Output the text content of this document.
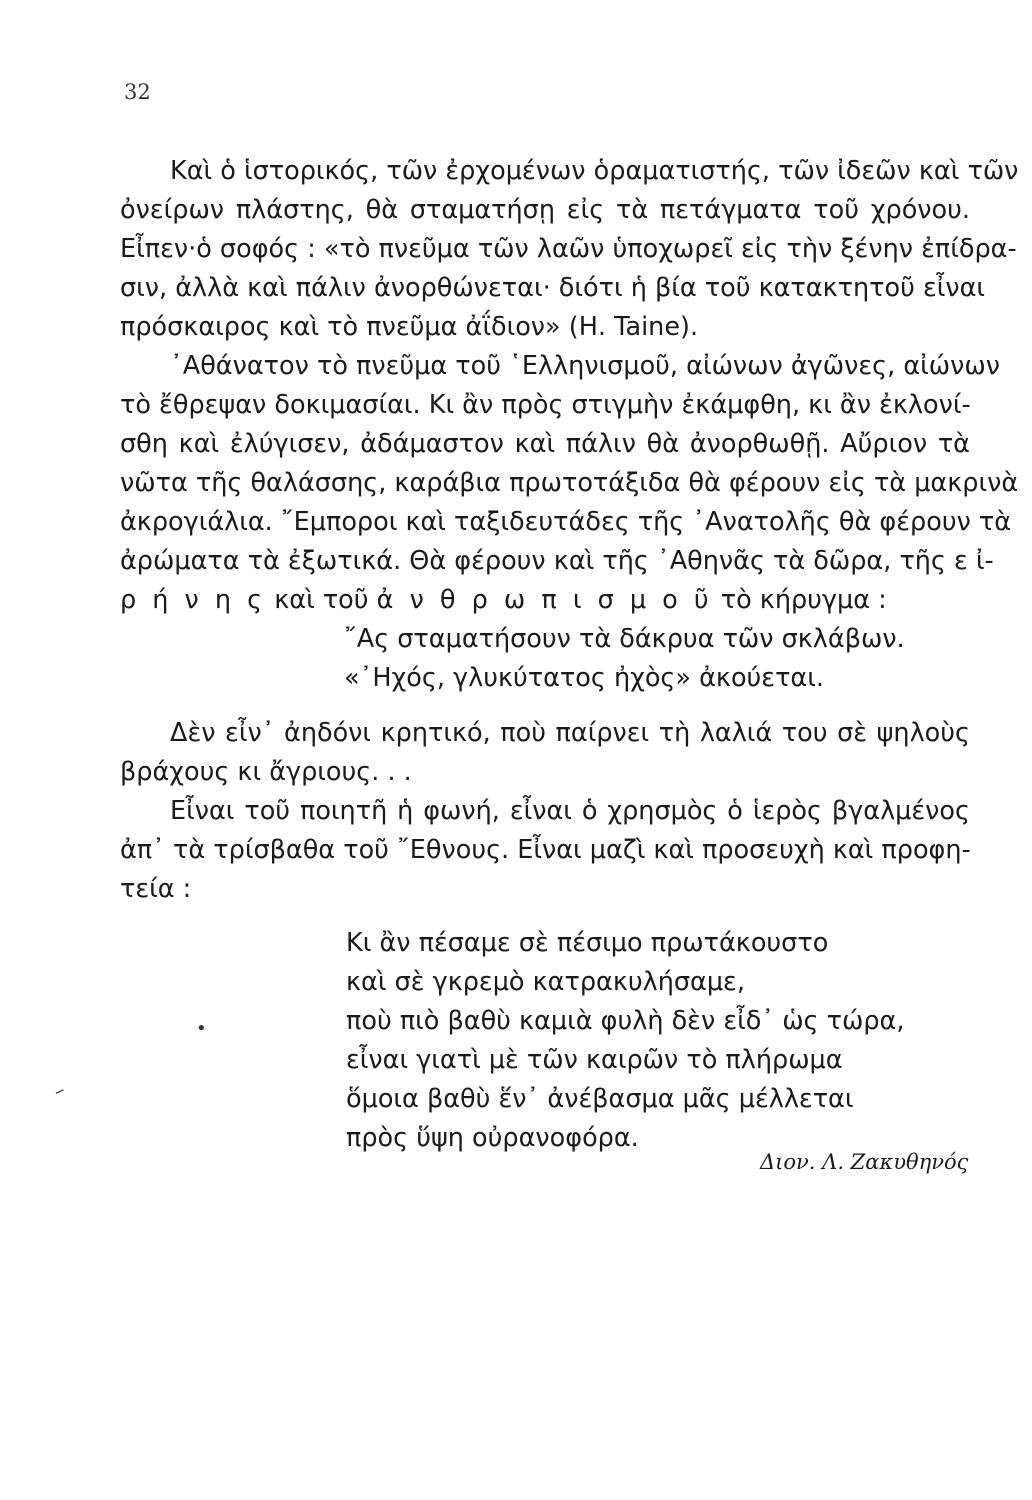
32
Καὶ ὁ ἱστορικός, τῶν ἐρχομένων ὁραματιστής, τῶν ἰδεῶν καὶ τῶν
ὀνείρων πλάστης, θὰ σταματήσῃ εἰς τὰ πετάγματα τοῦ χρόνου.
Εἶπεν·ὁ σοφός : «τὸ πνεῦμα τῶν λαῶν ὑποχωρεῖ εἰς τὴν ξένην ἐπίδρα-
σιν, ἀλλὰ καὶ πάλιν ἀνορθώνεται· διότι ἡ βία τοῦ κατακτητοῦ εἶναι
πρόσκαιρος καὶ τὸ πνεῦμα ἀΐδιον» (Η. Taine).
᾿Αθάνατον τὸ πνεῦμα τοῦ ῾Ελληνισμοῦ, αἰώνων ἀγῶνες, αἰώνων
τὸ ἔθρεψαν δοκιμασίαι. Κι ἂν πρὸς στιγμὴν ἐκάμφθη, κι ἂν ἐκλονί-
σθη καὶ ἐλύγισεν, ἀδάμαστον καὶ πάλιν θὰ ἀνορθωθῇ. Αὔριον τὰ
νῶτα τῆς θαλάσσης, καράβια πρωτοτάξιδα θὰ φέρουν εἰς τὰ μακρινὰ
ἀκρογιάλια. ῎Εμποροι καὶ ταξιδευτάδες τῆς ᾿Ανατολῆς θὰ φέρουν τὰ
ἀρώματα τὰ ἐξωτικά. Θὰ φέρουν καὶ τῆς ᾿Αθηνᾶς τὰ δῶρα, τῆς ε ἰ-
ρ ή ν η ς καὶ τοῦ ἀ ν θ ρ ω π ι σ μ ο ῦ τὸ κήρυγμα :
῎Ας σταματήσουν τὰ δάκρυα τῶν σκλάβων.
«᾿Ηχός, γλυκύτατος ἠχὸς» ἀκούεται.
Δὲν εἶν᾿ ἀηδόνι κρητικό, ποὺ παίρνει τὴ λαλιά του σὲ ψηλοὺς
βράχους κι ἄγριους. . .
Εἶναι τοῦ ποιητῆ ἡ φωνή, εἶναι ὁ χρησμὸς ὁ ἱερὸς βγαλμένος
ἀπ᾿ τὰ τρίσβαθα τοῦ ῎Εθνους. Εἶναι μαζὶ καὶ προσευχὴ καὶ προφη-
τεία :
Κι ἂν πέσαμε σὲ πέσιμο πρωτάκουστο
καὶ σὲ γκρεμὸ κατρακυλήσαμε,
ποὺ πιὸ βαθὺ καμιὰ φυλὴ δὲν εἶδ᾿ ὡς τώρα,
εἶναι γιατὶ μὲ τῶν καιρῶν τὸ πλήρωμα
ὅμοια βαθὺ ἕν᾿ ἀνέβασμα μᾶς μέλλεται
πρὸς ὕψη οὐρανοφόρα.
•
–
Διον. Λ. Ζακυθηνός
